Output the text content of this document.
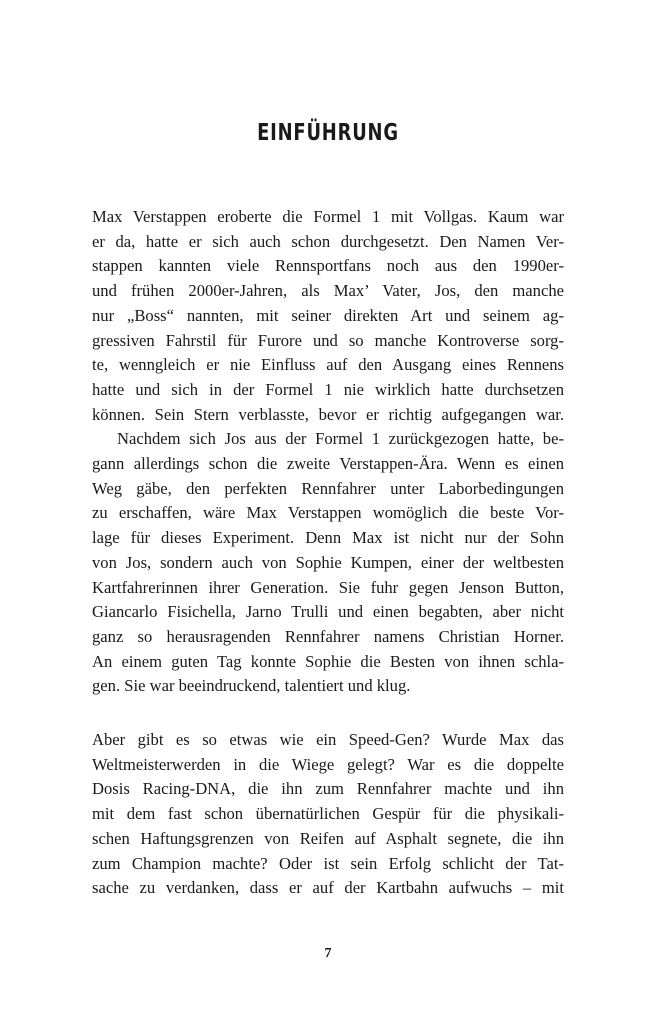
EINFÜHRUNG

Max Verstappen eroberte die Formel 1 mit Vollgas. Kaum war
er da, hatte er sich auch schon durchgesetzt. Den Namen Ver-
stappen kannten viele Rennsportfans noch aus den 1990er-
und frühen 2000er-Jahren, als Max’ Vater, Jos, den manche
nur „Boss“ nannten, mit seiner direkten Art und seinem ag-
gressiven Fahrstil für Furore und so manche Kontroverse sorg-
te, wenngleich er nie Einfluss auf den Ausgang eines Rennens
hatte und sich in der Formel 1 nie wirklich hatte durchsetzen
können. Sein Stern verblasste, bevor er richtig aufgegangen war.

Nachdem sich Jos aus der Formel 1 zurückgezogen hatte, be-
gann allerdings schon die zweite Verstappen-Ära. Wenn es einen
Weg gäbe, den perfekten Rennfahrer unter Laborbedingungen
zu erschaffen, wäre Max Verstappen womöglich die beste Vor-
lage für dieses Experiment. Denn Max ist nicht nur der Sohn
von Jos, sondern auch von Sophie Kumpen, einer der weltbesten
Kartfahrerinnen ihrer Generation. Sie fuhr gegen Jenson Button,
Giancarlo Fisichella, Jarno Trulli und einen begabten, aber nicht
ganz so herausragenden Rennfahrer namens Christian Horner.
An einem guten Tag konnte Sophie die Besten von ihnen schla-
gen. Sie war beeindruckend, talentiert und klug.

Aber gibt es so etwas wie ein Speed-Gen? Wurde Max das
Weltmeisterwerden in die Wiege gelegt? War es die doppelte
Dosis Racing-DNA, die ihn zum Rennfahrer machte und ihn
mit dem fast schon übernatürlichen Gespür für die physikali-
schen Haftungsgrenzen von Reifen auf Asphalt segnete, die ihn
zum Champion machte? Oder ist sein Erfolg schlicht der Tat-
sache zu verdanken, dass er auf der Kartbahn aufwuchs – mit

7
